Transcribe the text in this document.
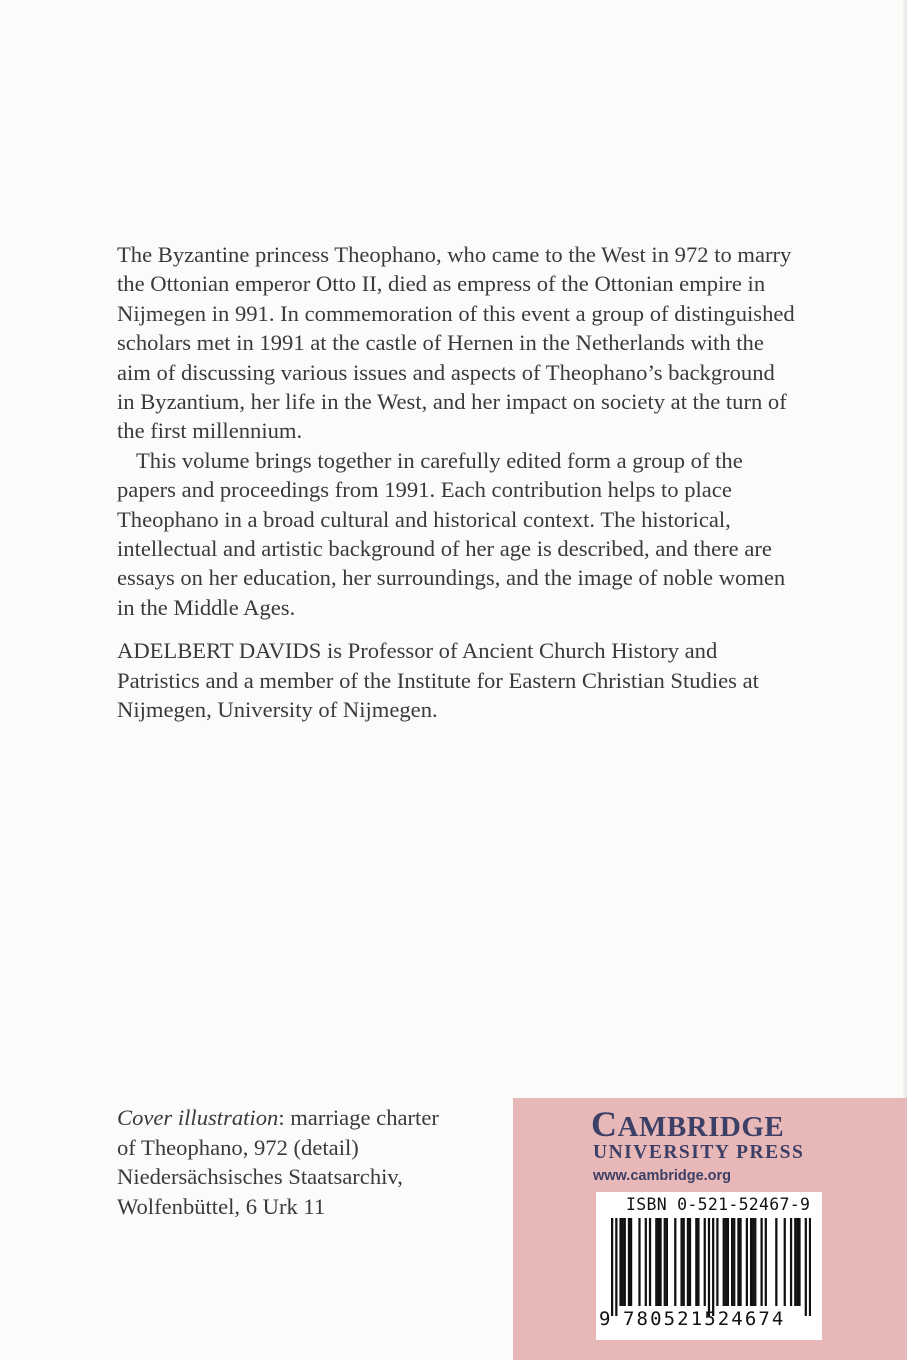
The Byzantine princess Theophano, who came to the West in 972 to marry the Ottonian emperor Otto II, died as empress of the Ottonian empire in Nijmegen in 991. In commemoration of this event a group of distinguished scholars met in 1991 at the castle of Hernen in the Netherlands with the aim of discussing various issues and aspects of Theophano’s background in Byzantium, her life in the West, and her impact on society at the turn of the first millennium.

This volume brings together in carefully edited form a group of the papers and proceedings from 1991. Each contribution helps to place Theophano in a broad cultural and historical context. The historical, intellectual and artistic background of her age is described, and there are essays on her education, her surroundings, and the image of noble women in the Middle Ages.

ADELBERT DAVIDS is Professor of Ancient Church History and Patristics and a member of the Institute for Eastern Christian Studies at Nijmegen, University of Nijmegen.

Cover illustration: marriage charter
of Theophano, 972 (detail)
Niedersächsisches Staatsarchiv,
Wolfenbüttel, 6 Urk 11
CAMBRIDGE
UNIVERSITY PRESS
www.cambridge.org
ISBN 0-521-52467-9
9 780521524674
